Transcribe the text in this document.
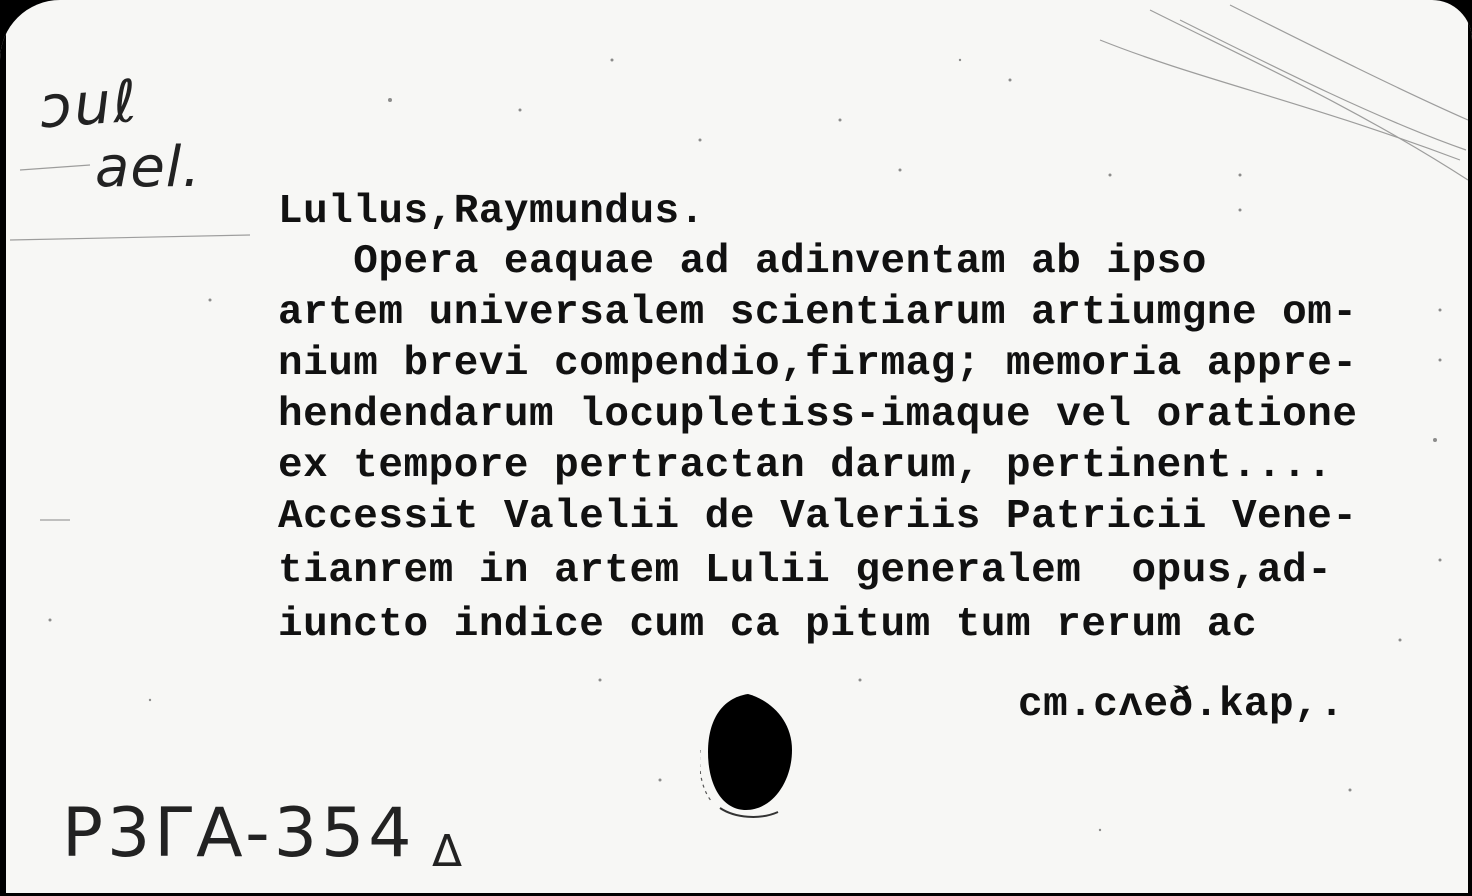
ɔuℓ
ael.
Lullus,Raymundus.
Opera eaquae ad adinventam ab ipso
artem universalem scientiarum artiumgne om-
nium brevi compendio,firmag; memoria appre-
hendendarum locupletiss-imaque vel oratione
ex tempore pertractan darum, pertinent....
Accessit Valelii de Valeriis Patricii Vene-
tianrem in artem Lulii generalem  opus,ad-
iuncto indice cum ca pitum tum rerum ac
cm.cʌeð.kap,.
P3ΓA-354 Δ
